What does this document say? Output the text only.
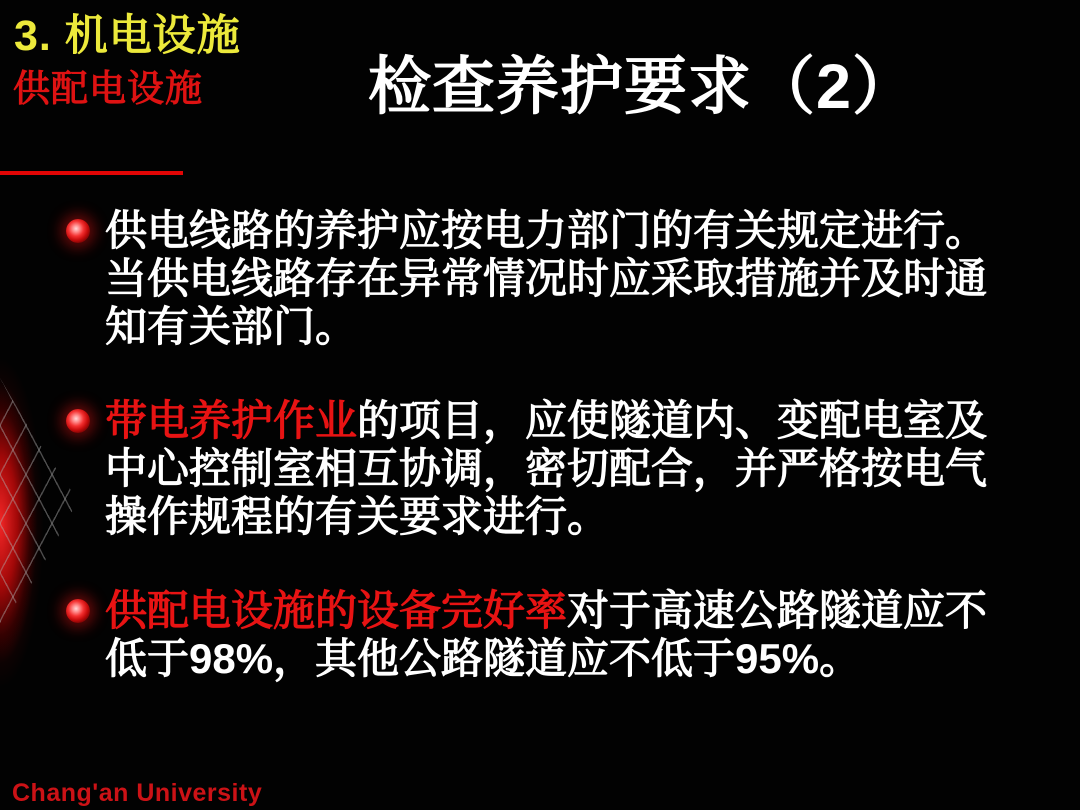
3. 机电设施
供配电设施	检查养护要求（2）
供电线路的养护应按电力部门的有关规定进行。当供电线路存在异常情况时应采取措施并及时通知有关部门。
带电养护作业的项目，应使隧道内、变配电室及中心控制室相互协调，密切配合，并严格按电气操作规程的有关要求进行。
供配电设施的设备完好率对于高速公路隧道应不低于98%，其他公路隧道应不低于95%。
Chang'an University
